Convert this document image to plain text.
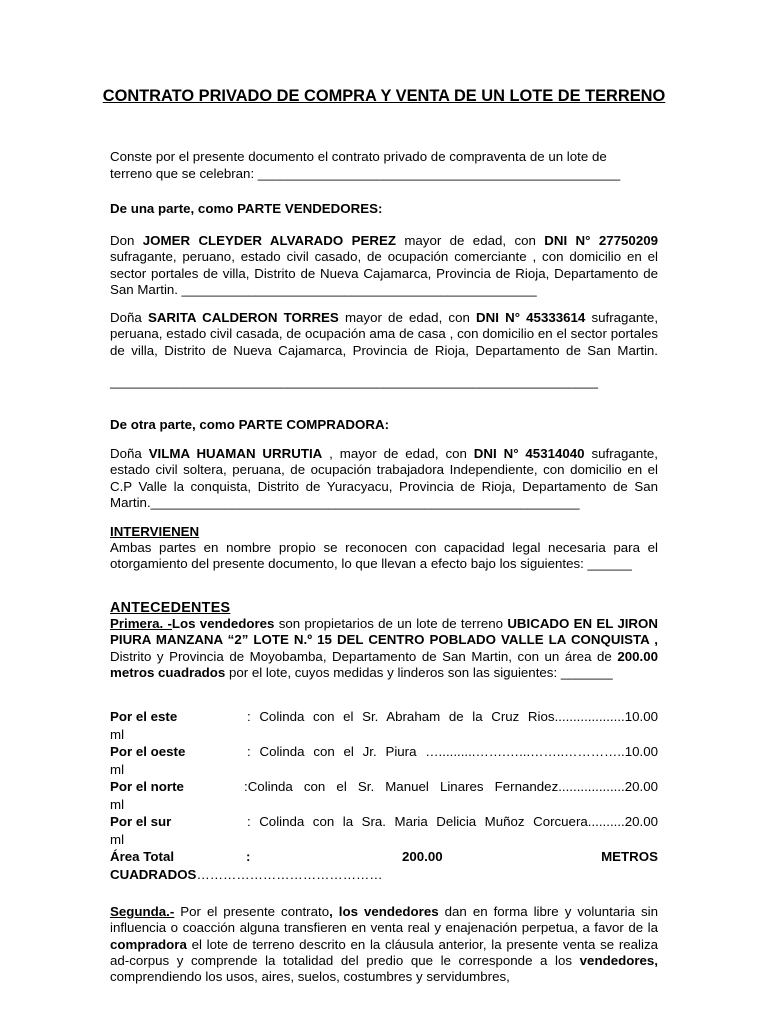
CONTRATO PRIVADO DE COMPRA Y VENTA DE UN LOTE DE TERRENO
Conste por el presente documento el contrato privado de compraventa de un lote de
terreno que se celebran: _________________________________________________
De una parte, como PARTE VENDEDORES:
Don JOMER CLEYDER ALVARADO PEREZ mayor de edad, con DNI N° 27750209 sufragante, peruano, estado civil casado, de ocupación comerciante , con domicilio en el sector portales de villa, Distrito de Nueva Cajamarca, Provincia de Rioja, Departamento de San Martin. ________________________________________________
Doña SARITA CALDERON TORRES mayor de edad, con DNI N° 45333614 sufragante, peruana, estado civil casada, de ocupación ama de casa , con domicilio en el sector portales de villa, Distrito de Nueva Cajamarca, Provincia de Rioja, Departamento de San Martin.
__________________________________________________________________
De otra parte, como PARTE COMPRADORA:
Doña VILMA HUAMAN URRUTIA , mayor de edad, con DNI N° 45314040 sufragante, estado civil soltera, peruana, de ocupación trabajadora Independiente, con domicilio en el C.P Valle la conquista, Distrito de Yuracyacu, Provincia de Rioja, Departamento de San Martin.__________________________________________________________
INTERVIENEN
Ambas partes en nombre propio se reconocen con capacidad legal necesaria para el otorgamiento del presente documento, lo que llevan a efecto bajo los siguientes: ______
ANTECEDENTES
Primera. -Los vendedores son propietarios de un lote de terreno UBICADO EN EL JIRON PIURA MANZANA “2” LOTE N.º 15 DEL CENTRO POBLADO VALLE LA CONQUISTA , Distrito y Provincia de Moyobamba, Departamento de San Martin, con un área de 200.00 metros cuadrados por el lote, cuyos medidas y linderos son las siguientes: _______
Por el este	: Colinda con el Sr. Abraham de la Cruz Rios...................10.00
ml
Por el oeste	: Colinda con el Jr. Piura …..........…….…...……..…………..10.00
ml
Por el norte	:Colinda con el Sr. Manuel Linares Fernandez..................20.00
ml
Por el sur	: Colinda con la Sra. Maria Delicia Muñoz Corcuera..........20.00
ml
Área Total	:	200.00	METROS
CUADRADOS……………………………………
Segunda.- Por el presente contrato, los vendedores dan en forma libre y voluntaria sin influencia o coacción alguna transfieren en venta real y enajenación perpetua, a favor de la compradora el lote de terreno descrito en la cláusula anterior, la presente venta se realiza ad-corpus y comprende la totalidad del predio que le corresponde a los vendedores, comprendiendo los usos, aires, suelos, costumbres y servidumbres,
